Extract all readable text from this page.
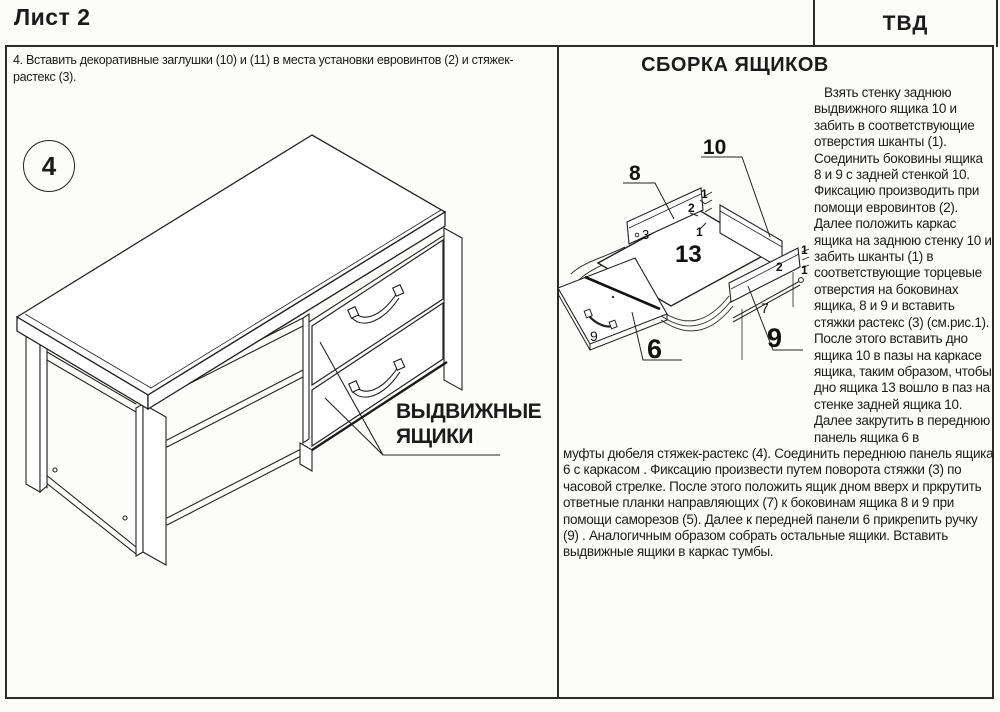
Лист 2	ТВД
4. Вставить декоративные заглушки (10) и (11) в места установки евровинтов (2) и стяжек-растекс (3).
4
ВЫДВИЖНЫЕ
ЯЩИКИ
СБОРКА ЯЩИКОВ
Взять стенку заднюю выдвижного ящика 10 и забить в соответствующие отверстия шканты (1). Соединить боковины ящика 8 и 9 с задней стенкой 10. Фиксацию производить при помощи евровинтов (2). Далее положить каркас ящика на заднюю стенку 10 и забить шканты (1) в соответствующие торцевые отверстия на боковинах ящика, 8 и 9 и вставить стяжки растекс (3) (см.рис.1). После этого вставить дно ящика 10 в пазы на каркасе ящика, таким образом, чтобы дно ящика 13 вошло в паз на стенке задней ящика 10. Далее закрутить в переднюю панель ящика 6 в
муфты дюбеля стяжек-растекс (4). Соединить переднюю панель ящика 6 с каркасом . Фиксацию произвести путем поворота стяжки (3) по часовой стрелке. После этого положить ящик дном вверх и пркрутить ответные планки направляющих (7) к боковинам ящика 8 и 9 при помощи саморезов (5). Далее к передней панели 6 прикрепить ручку (9) . Аналогичным образом собрать остальные ящики. Вставить выдвижные ящики в каркас тумбы.
8
10
13
6	9
9
3
7
1
2
1
1
2 1
